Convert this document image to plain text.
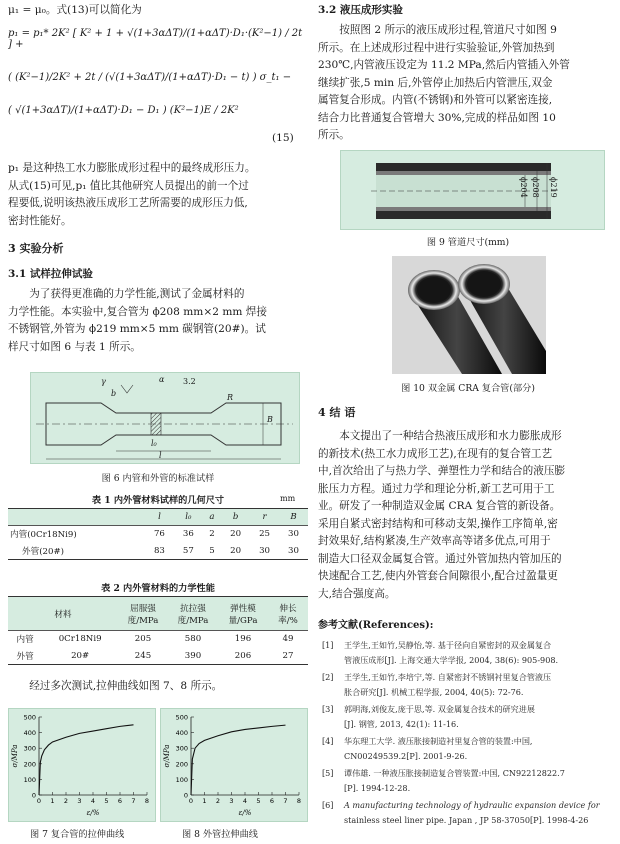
μ₁ = μ₀。式(13)可以简化为
p₁ = p₁* 2K² [ K² + 1 + √(1+3αΔT)/(1+αΔT)·D₁·(K²−1) / 2t ] +
( (K²−1)/2K² + 2t / (√(1+3αΔT)/(1+αΔT)·D₁ − t) ) σ_t₁ −
( √(1+3αΔT)/(1+αΔT)·D₁ − D₁ ) (K²−1)E / 2K²
(15)
p₁ 是这种热工水力膨胀成形过程中的最终成形压力。
从式(15)可见,p₁ 值比其他研究人员提出的前一个过
程要低,说明该热液压成形工艺所需要的成形压力低,
密封性能好。
3 实验分析
3.1 试样拉伸试验
为了获得更准确的力学性能,测试了金属材料的
力学性能。本实验中,复合管为 ϕ208 mm×2 mm 焊接
不锈钢管,外管为 ϕ219 mm×5 mm 碳钢管(20#)。试
样尺寸如图 6 与表 1 所示。
γ
b
α 3.2
R
B
l₀
l
图 6 内管和外管的标准试样
表 1 内外管材料试样的几何尺寸	mm
	l	l₀	a	b	r	B
内管(0Cr18Ni9)	76	36	2	20	25	30
外管(20#)	83	57	5	20	30	30
表 2 内外管材料的力学性能
材料		屈服强度/MPa	抗拉强度/MPa	弹性模量/GPa	伸长率/%
内管	0Cr18Ni9	205	580	196	49
外管	20#	245	390	206	27
经过多次测试,拉伸曲线如图 7、8 所示。
0
100
200
300
400
500
0 1 2 3 4 5 6 7 8
σ/MPa
ε/%
0
100
200
300
400
500
0 1 2 3 4 5 6 7 8
σ/MPa
ε/%
图 7 复合管的拉伸曲线	图 8 外管拉伸曲线
3.2 液压成形实验
按照图 2 所示的液压成形过程,管道尺寸如图 9
所示。在上述成形过程中进行实验验证,外管加热到
230℃,内管液压设定为 11.2 MPa,然后内管插入外管
继续扩张,5 min 后,外管停止加热后内管泄压,双金
属管复合形成。内管(不锈钢)和外管可以紧密连接,
结合力比普通复合管增大 30%,完成的样品如图 10
所示。
ϕ204 ϕ208 ϕ219
图 9 管道尺寸(mm)
图 10 双金属 CRA 复合管(部分)
4 结 语
本文提出了一种结合热液压成形和水力膨胀成形
的新技术(热工水力成形工艺),在现有的复合管工艺
中,首次给出了与热力学、弹塑性力学和结合的液压膨
胀压力方程。通过力学和理论分析,新工艺可用于工
业。研发了一种制造双金属 CRA 复合管的新设备。
采用自紧式密封结构和可移动支架,操作工序简单,密
封效果好,结构紧凑,生产效率高等诸多优点,可用于
制造大口径双金属复合管。通过外管加热内管加压的
快速配合工艺,使内外管套合间隙很小,配合过盈量更
大,结合强度高。
参考文献(References):
[1] 王学生,王如竹,吴静怡,等. 基于径向自紧密封的双金属复合
管液压成形[J]. 上海交通大学学报, 2004, 38(6): 905-908.
[2] 王学生,王如竹,李培宁,等. 自紧密封不锈钢衬里复合管液压
胀合研究[J]. 机械工程学报, 2004, 40(5): 72-76.
[3] 郭明海,刘俊友,庞于思,等. 双金属复合技术的研究进展
[J]. 钢管, 2013, 42(1): 11-16.
[4] 华东理工大学. 液压胀接制造衬里复合管的装置:中国,
CN00249539.2[P]. 2001-9-26.
[5] 谭伟雄. 一种液压胀接制造复合管装置:中国, CN92212822.7
[P]. 1994-12-28.
[6] A manufacturing technology of hydraulic expansion device for
stainless steel liner pipe. Japan , JP 58-37050[P]. 1998-4-26
